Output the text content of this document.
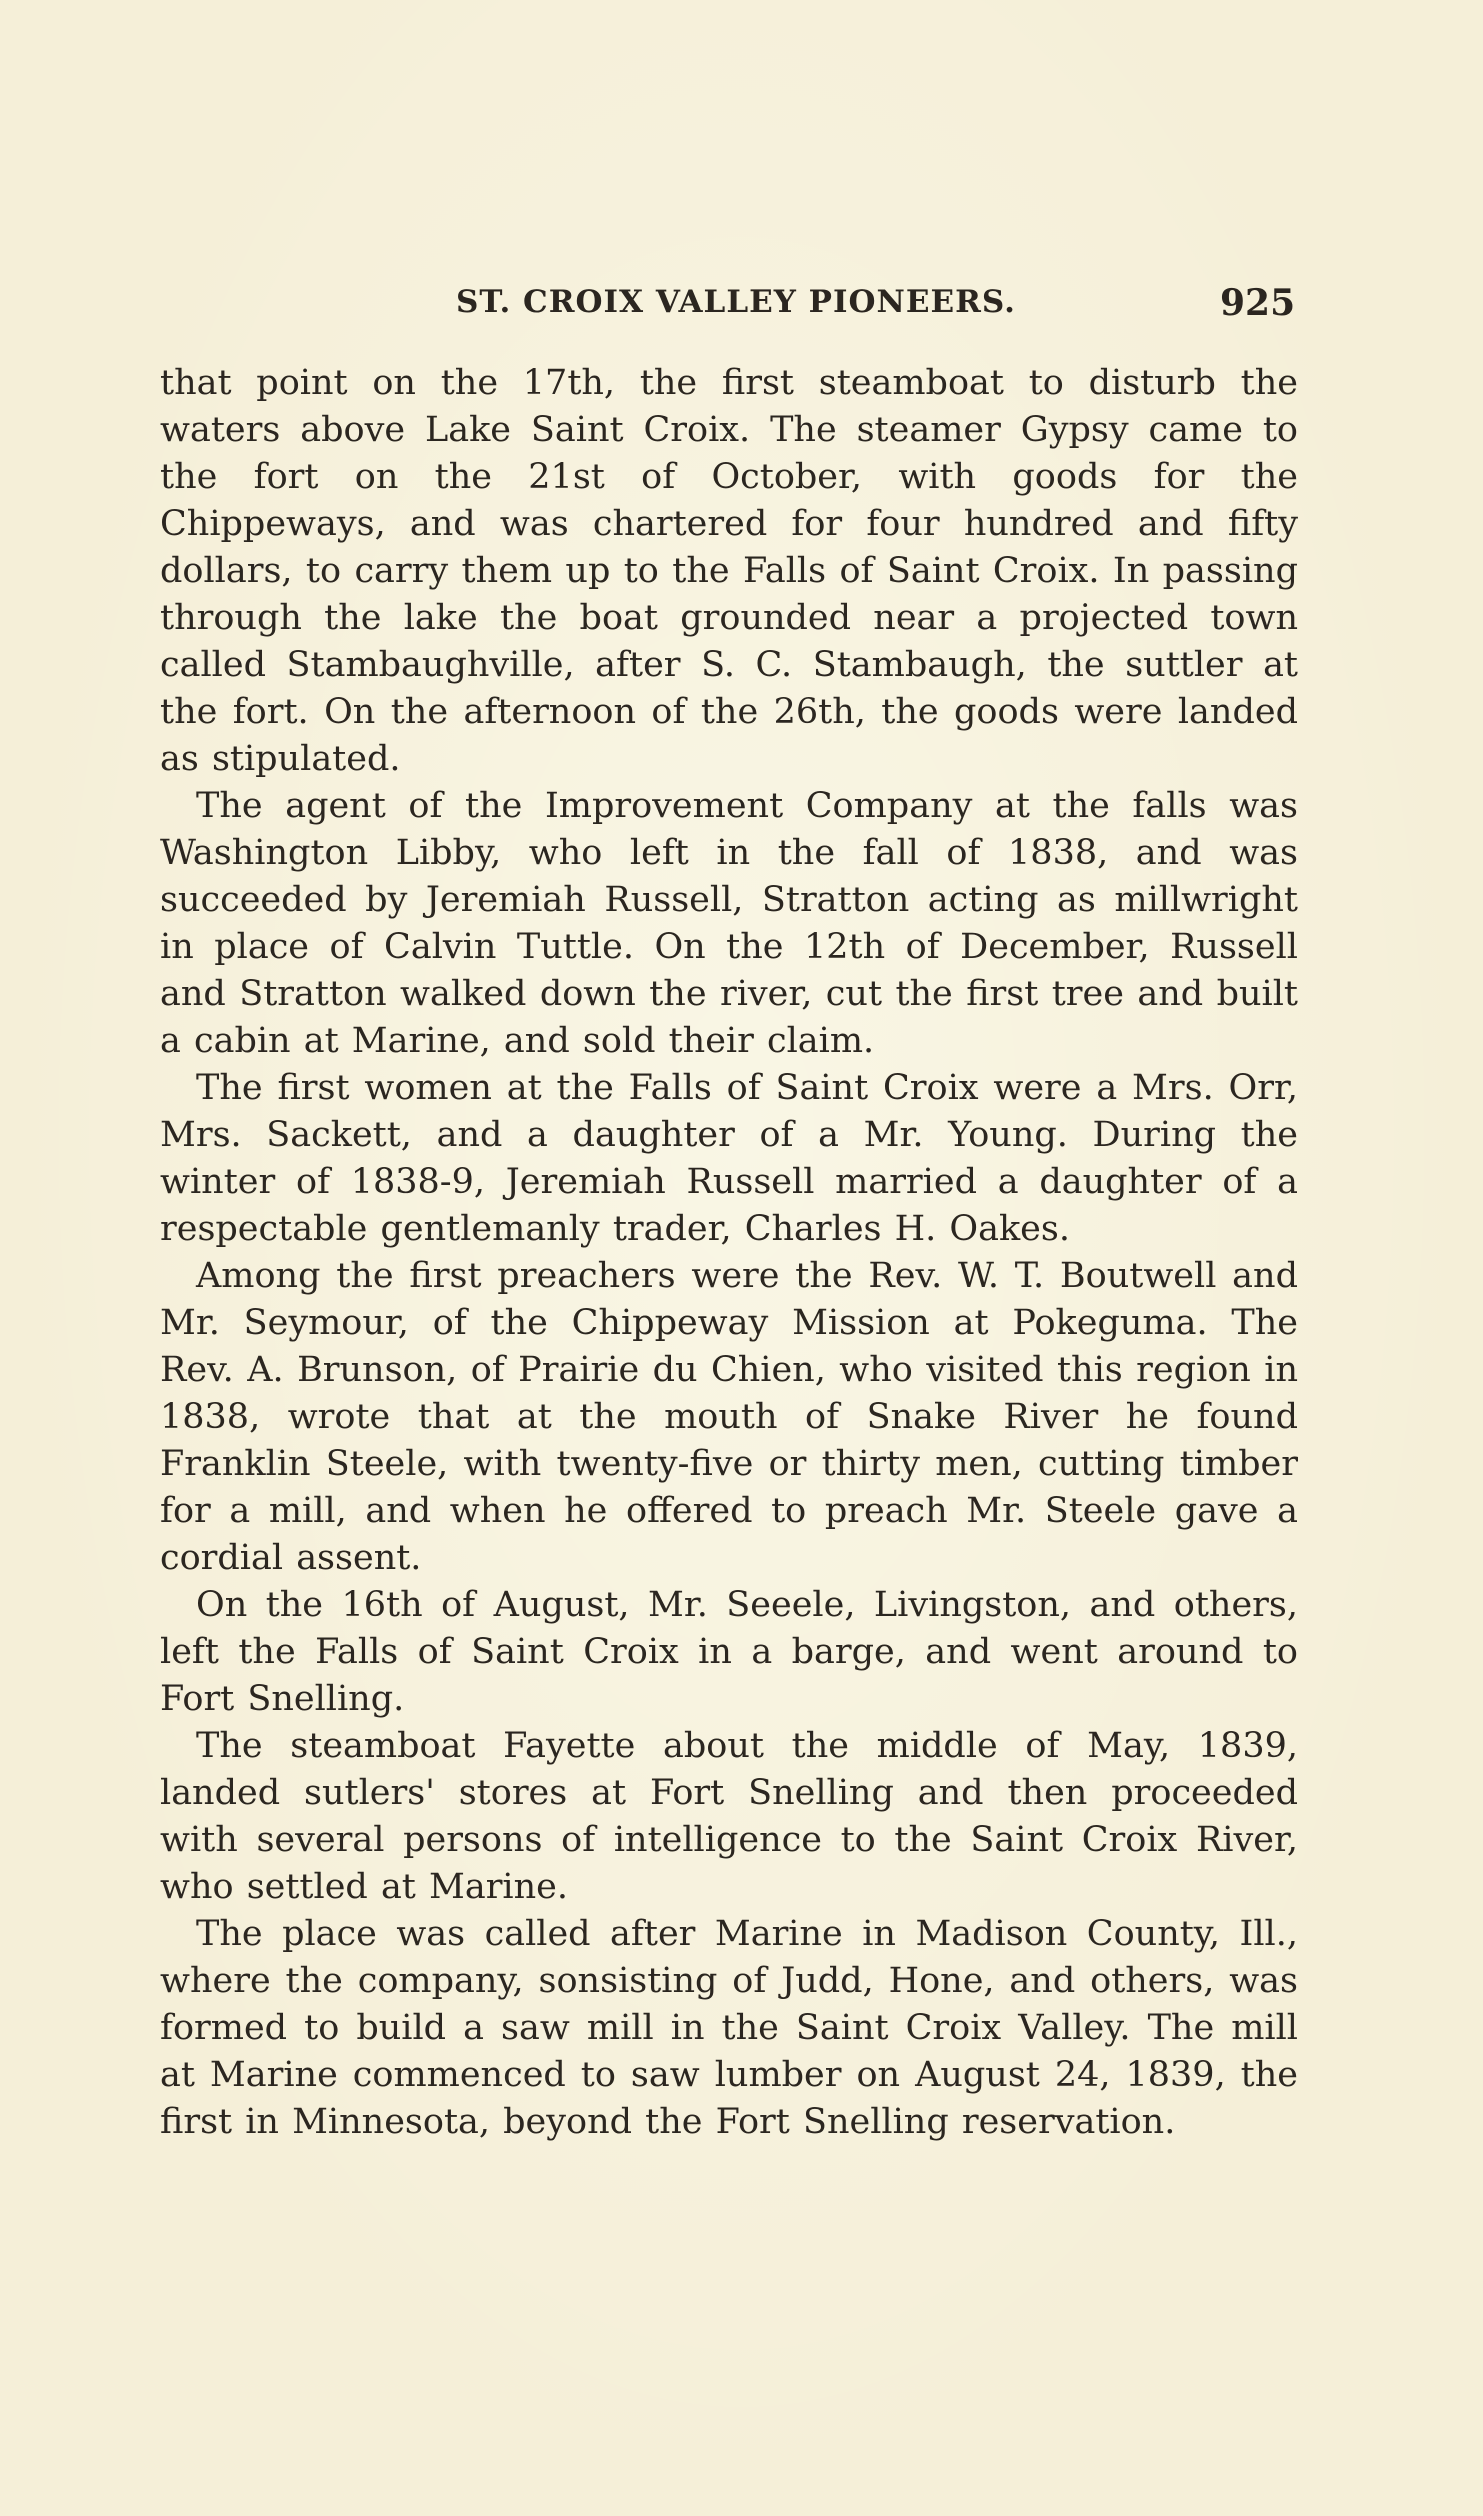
ST. CROIX VALLEY PIONEERS.	925

that point on the 17th, the first steamboat to disturb the waters above Lake Saint Croix. The steamer Gypsy came to the fort on the 21st of October, with goods for the Chippeways, and was chartered for four hundred and fifty dollars, to carry them up to the Falls of Saint Croix. In passing through the lake the boat grounded near a projected town called Stambaughville, after S. C. Stambaugh, the suttler at the fort. On the afternoon of the 26th, the goods were landed as stipulated.

The agent of the Improvement Company at the falls was Washington Libby, who left in the fall of 1838, and was succeeded by Jeremiah Russell, Stratton acting as millwright in place of Calvin Tuttle. On the 12th of December, Russell and Stratton walked down the river, cut the first tree and built a cabin at Marine, and sold their claim.

The first women at the Falls of Saint Croix were a Mrs. Orr, Mrs. Sackett, and a daughter of a Mr. Young. During the winter of 1838-9, Jeremiah Russell married a daughter of a respectable gentlemanly trader, Charles H. Oakes.

Among the first preachers were the Rev. W. T. Boutwell and Mr. Seymour, of the Chippeway Mission at Pokeguma. The Rev. A. Brunson, of Prairie du Chien, who visited this region in 1838, wrote that at the mouth of Snake River he found Franklin Steele, with twenty-five or thirty men, cutting timber for a mill, and when he offered to preach Mr. Steele gave a cordial assent.

On the 16th of August, Mr. Seeele, Livingston, and others, left the Falls of Saint Croix in a barge, and went around to Fort Snelling.

The steamboat Fayette about the middle of May, 1839, landed sutlers' stores at Fort Snelling and then proceeded with several persons of intelligence to the Saint Croix River, who settled at Marine.

The place was called after Marine in Madison County, Ill., where the company, sonsisting of Judd, Hone, and others, was formed to build a saw mill in the Saint Croix Valley. The mill at Marine commenced to saw lumber on August 24, 1839, the first in Minnesota, beyond the Fort Snelling reservation.
